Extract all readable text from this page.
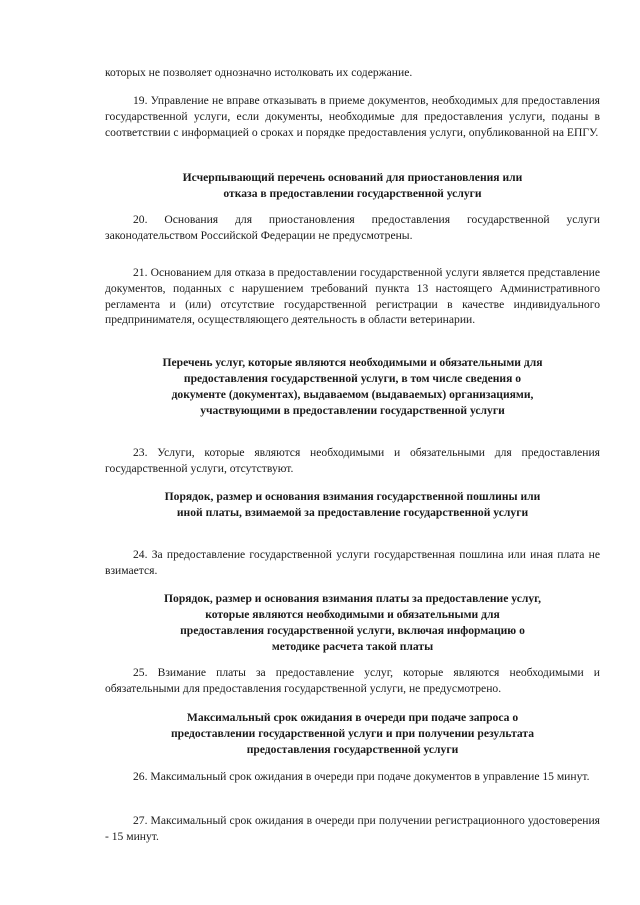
которых не позволяет однозначно истолковать их содержание.

19. Управление не вправе отказывать в приеме документов, необходимых для предоставления государственной услуги, если документы, необходимые для предоставления услуги, поданы в соответствии с информацией о сроках и порядке предоставления услуги, опубликованной на ЕПГУ.

Исчерпывающий перечень оснований для приостановления или отказа в предоставлении государственной услуги

20. Основания для приостановления предоставления государственной услуги законодательством Российской Федерации не предусмотрены.

21. Основанием для отказа в предоставлении государственной услуги является представление документов, поданных с нарушением требований пункта 13 настоящего Административного регламента и (или) отсутствие государственной регистрации в качестве индивидуального предпринимателя, осуществляющего деятельность в области ветеринарии.

Перечень услуг, которые являются необходимыми и обязательными для предоставления государственной услуги, в том числе сведения о документе (документах), выдаваемом (выдаваемых) организациями, участвующими в предоставлении государственной услуги

23. Услуги, которые являются необходимыми и обязательными для предоставления государственной услуги, отсутствуют.

Порядок, размер и основания взимания государственной пошлины или иной платы, взимаемой за предоставление государственной услуги

24. За предоставление государственной услуги государственная пошлина или иная плата не взимается.

Порядок, размер и основания взимания платы за предоставление услуг, которые являются необходимыми и обязательными для предоставления государственной услуги, включая информацию о методике расчета такой платы

25. Взимание платы за предоставление услуг, которые являются необходимыми и обязательными для предоставления государственной услуги, не предусмотрено.

Максимальный срок ожидания в очереди при подаче запроса о предоставлении государственной услуги и при получении результата предоставления государственной услуги

26. Максимальный срок ожидания в очереди при подаче документов в управление 15 минут.

27. Максимальный срок ожидания в очереди при получении регистрационного удостоверения - 15 минут.
